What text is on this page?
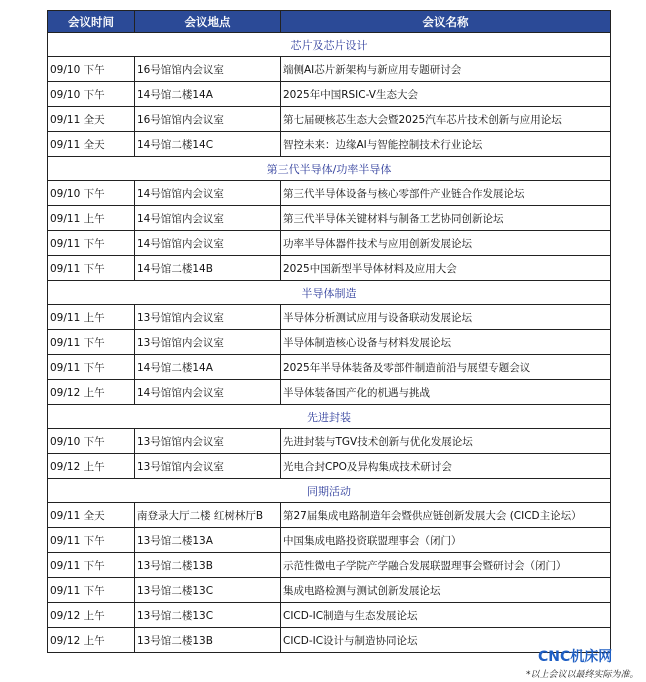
会议时间	会议地点	会议名称
芯片及芯片设计		
09/10 下午	16号馆馆内会议室	端侧AI芯片新架构与新应用专题研讨会
09/10 下午	14号馆二楼14A	2025年中国RSIC-V生态大会
09/11 全天	16号馆馆内会议室	第七届硬核芯生态大会暨2025汽车芯片技术创新与应用论坛
09/11 全天	14号馆二楼14C	智控未来：边缘AI与智能控制技术行业论坛
第三代半导体/功率半导体		
09/10 下午	14号馆馆内会议室	第三代半导体设备与核心零部件产业链合作发展论坛
09/11 上午	14号馆馆内会议室	第三代半导体关键材料与制备工艺协同创新论坛
09/11 下午	14号馆馆内会议室	功率半导体器件技术与应用创新发展论坛
09/11 下午	14号馆二楼14B	2025中国新型半导体材料及应用大会
半导体制造		
09/11 上午	13号馆馆内会议室	半导体分析测试应用与设备联动发展论坛
09/11 下午	13号馆馆内会议室	半导体制造核心设备与材料发展论坛
09/11 下午	14号馆二楼14A	2025年半导体装备及零部件制造前沿与展望专题会议
09/12 上午	14号馆馆内会议室	半导体装备国产化的机遇与挑战
先进封装		
09/10 下午	13号馆馆内会议室	先进封装与TGV技术创新与优化发展论坛
09/12 上午	13号馆馆内会议室	光电合封CPO及异构集成技术研讨会
同期活动		
09/11 全天	南登录大厅二楼 红树林厅B	第27届集成电路制造年会暨供应链创新发展大会 (CICD主论坛）
09/11 下午	13号馆二楼13A	中国集成电路投资联盟理事会（闭门）
09/11 下午	13号馆二楼13B	示范性微电子学院产学融合发展联盟理事会暨研讨会（闭门）
09/11 下午	13号馆二楼13C	集成电路检测与测试创新发展论坛
09/12 上午	13号馆二楼13C	CICD-IC制造与生态发展论坛
09/12 上午	13号馆二楼13B	CICD-IC设计与制造协同论坛
CNC机床网
*以上会议以最终实际为准。
